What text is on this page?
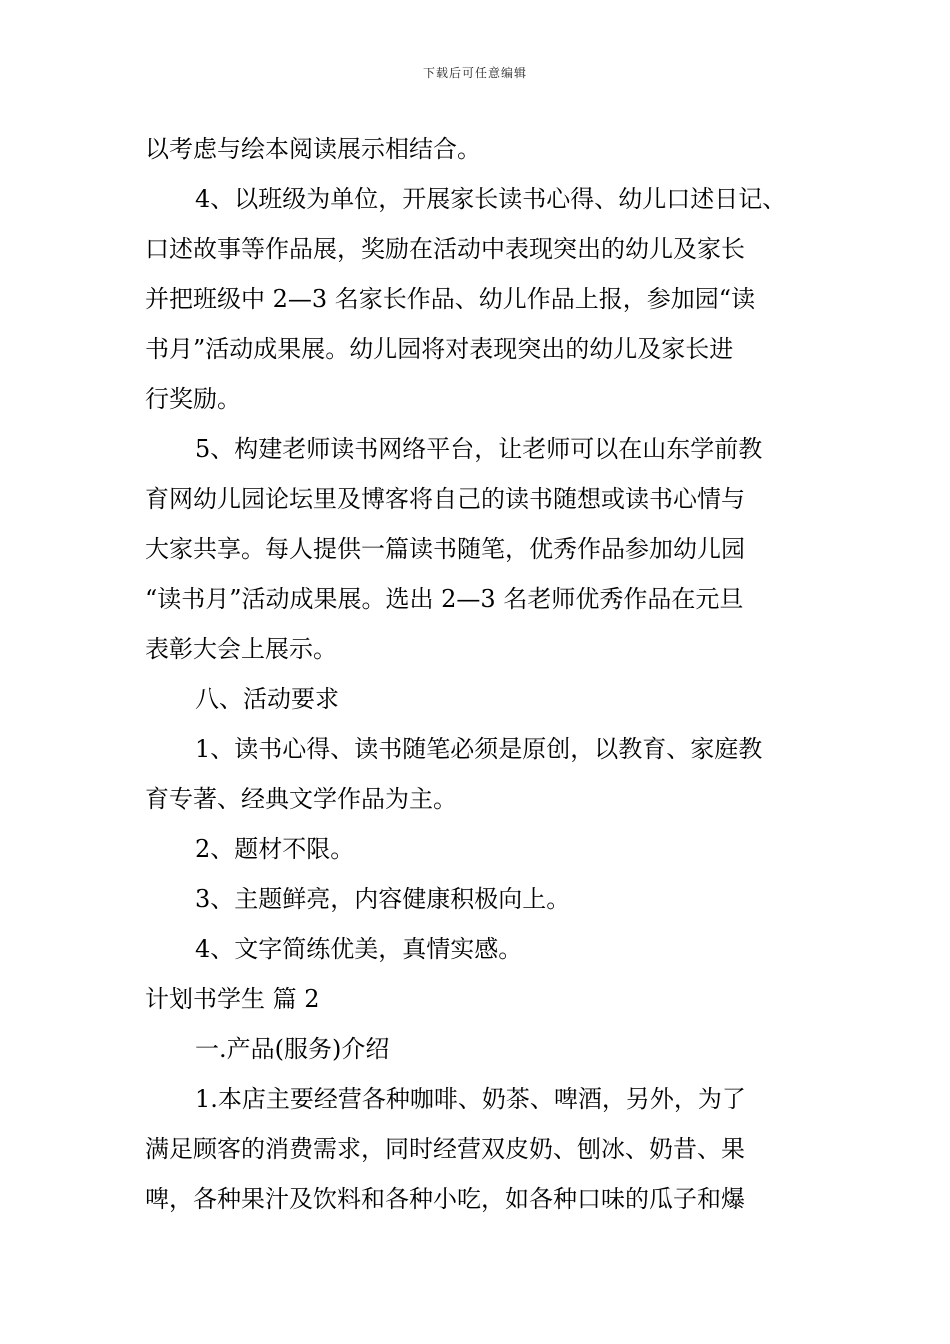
下载后可任意编辑
以考虑与绘本阅读展示相结合。
4、以班级为单位，开展家长读书心得、幼儿口述日记、
口述故事等作品展，奖励在活动中表现突出的幼儿及家长
并把班级中 2—3 名家长作品、幼儿作品上报，参加园“读
书月”活动成果展。幼儿园将对表现突出的幼儿及家长进
行奖励。
5、构建老师读书网络平台，让老师可以在山东学前教
育网幼儿园论坛里及博客将自己的读书随想或读书心情与
大家共享。每人提供一篇读书随笔，优秀作品参加幼儿园
“读书月”活动成果展。选出 2—3 名老师优秀作品在元旦
表彰大会上展示。
八、活动要求
1、读书心得、读书随笔必须是原创，以教育、家庭教
育专著、经典文学作品为主。
2、题材不限。
3、主题鲜亮，内容健康积极向上。
4、文字简练优美，真情实感。
计划书学生 篇 2
一.产品(服务)介绍
1.本店主要经营各种咖啡、奶茶、啤酒，另外，为了
满足顾客的消费需求，同时经营双皮奶、刨冰、奶昔、果
啤，各种果汁及饮料和各种小吃，如各种口味的瓜子和爆
